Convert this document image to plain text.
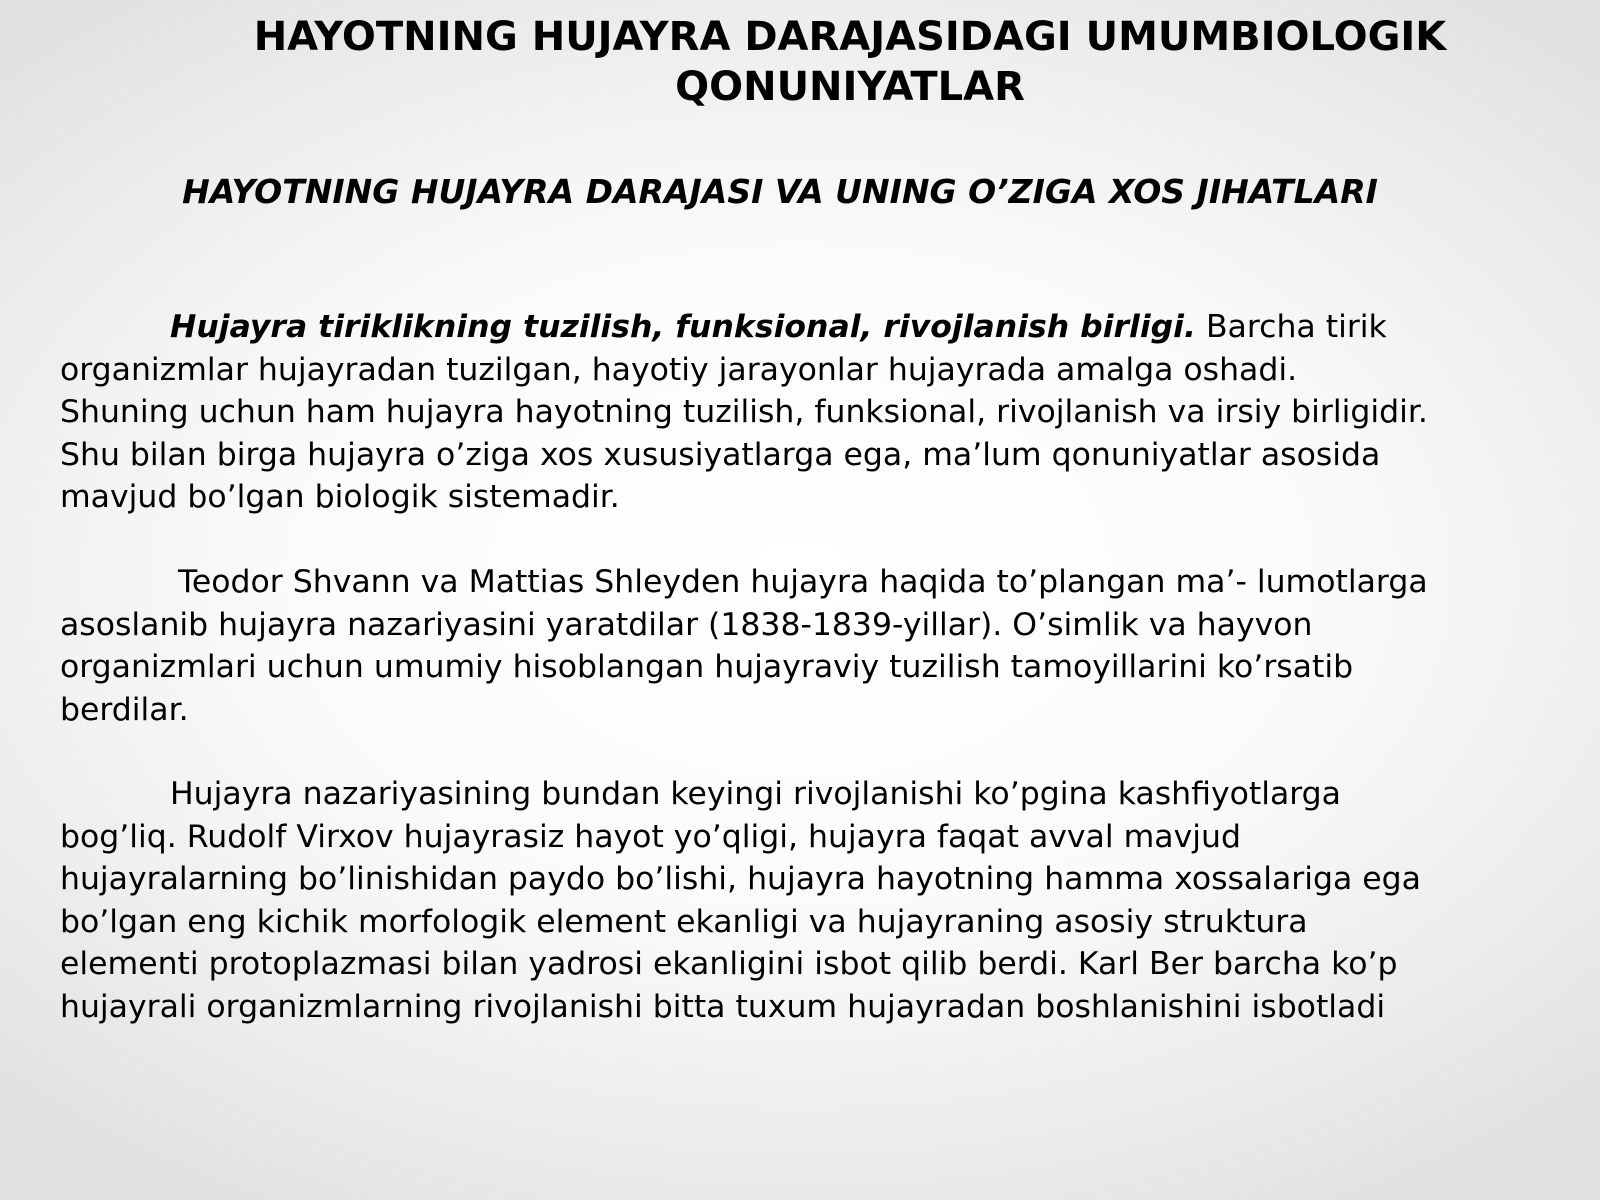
HAYOTNING HUJAYRA DARAJASIDAGI UMUMBIOLOGIK
QONUNIYATLAR
HAYOTNING HUJAYRA DARAJASI VA UNING O’ZIGA XOS JIHATLARI
Hujayra tiriklikning tuzilish, funksional, rivojlanish birligi. Barcha tirik
organizmlar hujayradan tuzilgan, hayotiy jarayonlar hujayrada amalga oshadi.
Shuning uchun ham hujayra hayotning tuzilish, funksional, rivojlanish va irsiy birligidir.
Shu bilan birga hujayra o’ziga xos xususiyatlarga ega, ma’lum qonuniyatlar asosida
mavjud bo’lgan biologik sistemadir.
Teodor Shvann va Mattias Shleyden hujayra haqida to’plangan ma’- lumotlarga
asoslanib hujayra nazariyasini yaratdilar (1838-1839-yillar). O’simlik va hayvon
organizmlari uchun umumiy hisoblangan hujayraviy tuzilish tamoyillarini ko’rsatib
berdilar.
Hujayra nazariyasining bundan keyingi rivojlanishi ko’pgina kashfiyotlarga
bog’liq. Rudolf Virxov hujayrasiz hayot yo’qligi, hujayra faqat avval mavjud
hujayralarning bo’linishidan paydo bo’lishi, hujayra hayotning hamma xossalariga ega
bo’lgan eng kichik morfologik element ekanligi va hujayraning asosiy struktura
elementi protoplazmasi bilan yadrosi ekanligini isbot qilib berdi. Karl Ber barcha ko’p
hujayrali organizmlarning rivojlanishi bitta tuxum hujayradan boshlanishini isbotladi
